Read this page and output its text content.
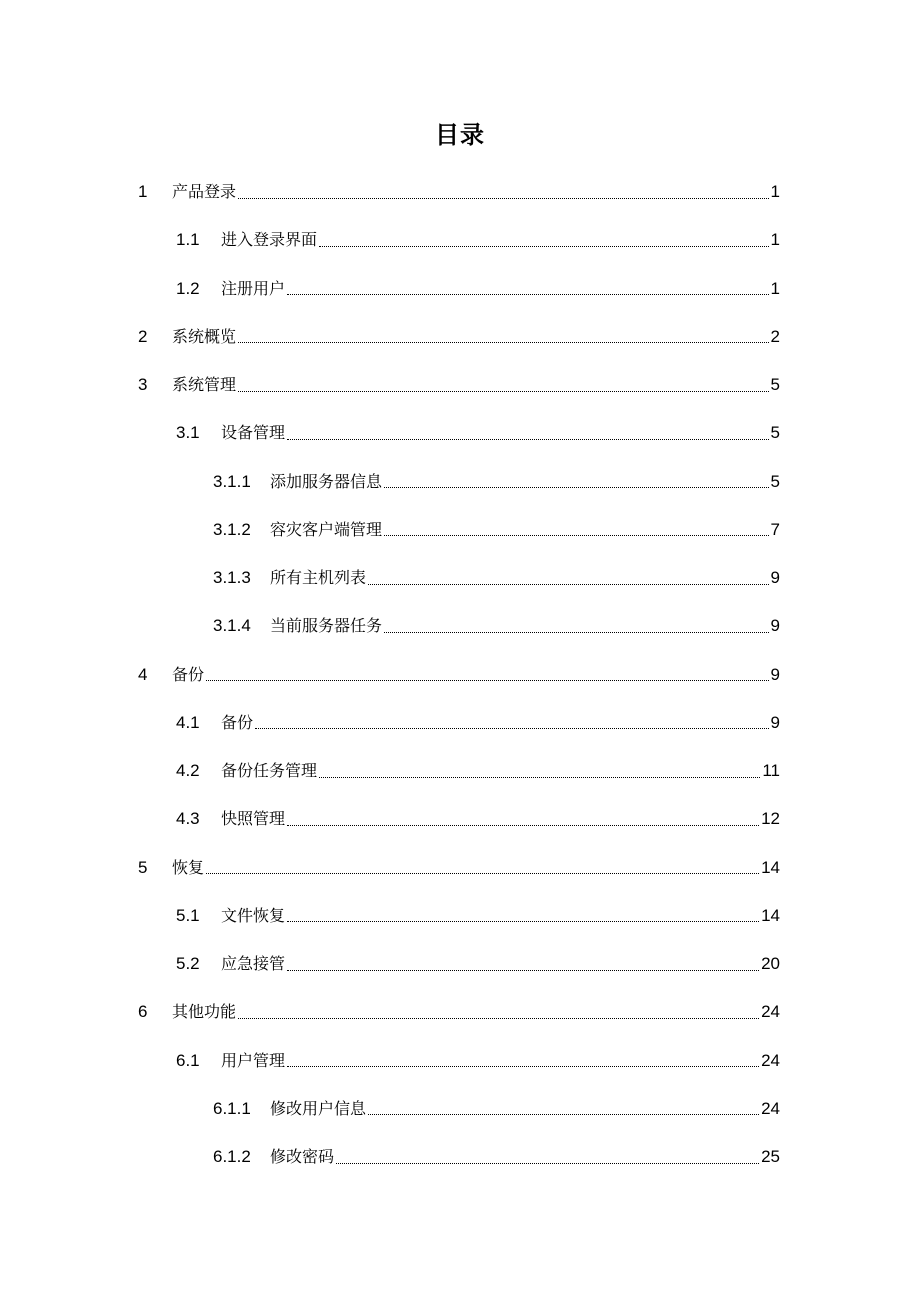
目录
1	产品登录	1
1.1	进入登录界面	1
1.2	注册用户	1
2	系统概览	2
3	系统管理	5
3.1	设备管理	5
3.1.1	添加服务器信息	5
3.1.2	容灾客户端管理	7
3.1.3	所有主机列表	9
3.1.4	当前服务器任务	9
4	备份	9
4.1	备份	9
4.2	备份任务管理	11
4.3	快照管理	12
5	恢复	14
5.1	文件恢复	14
5.2	应急接管	20
6	其他功能	24
6.1	用户管理	24
6.1.1	修改用户信息	24
6.1.2	修改密码	25
